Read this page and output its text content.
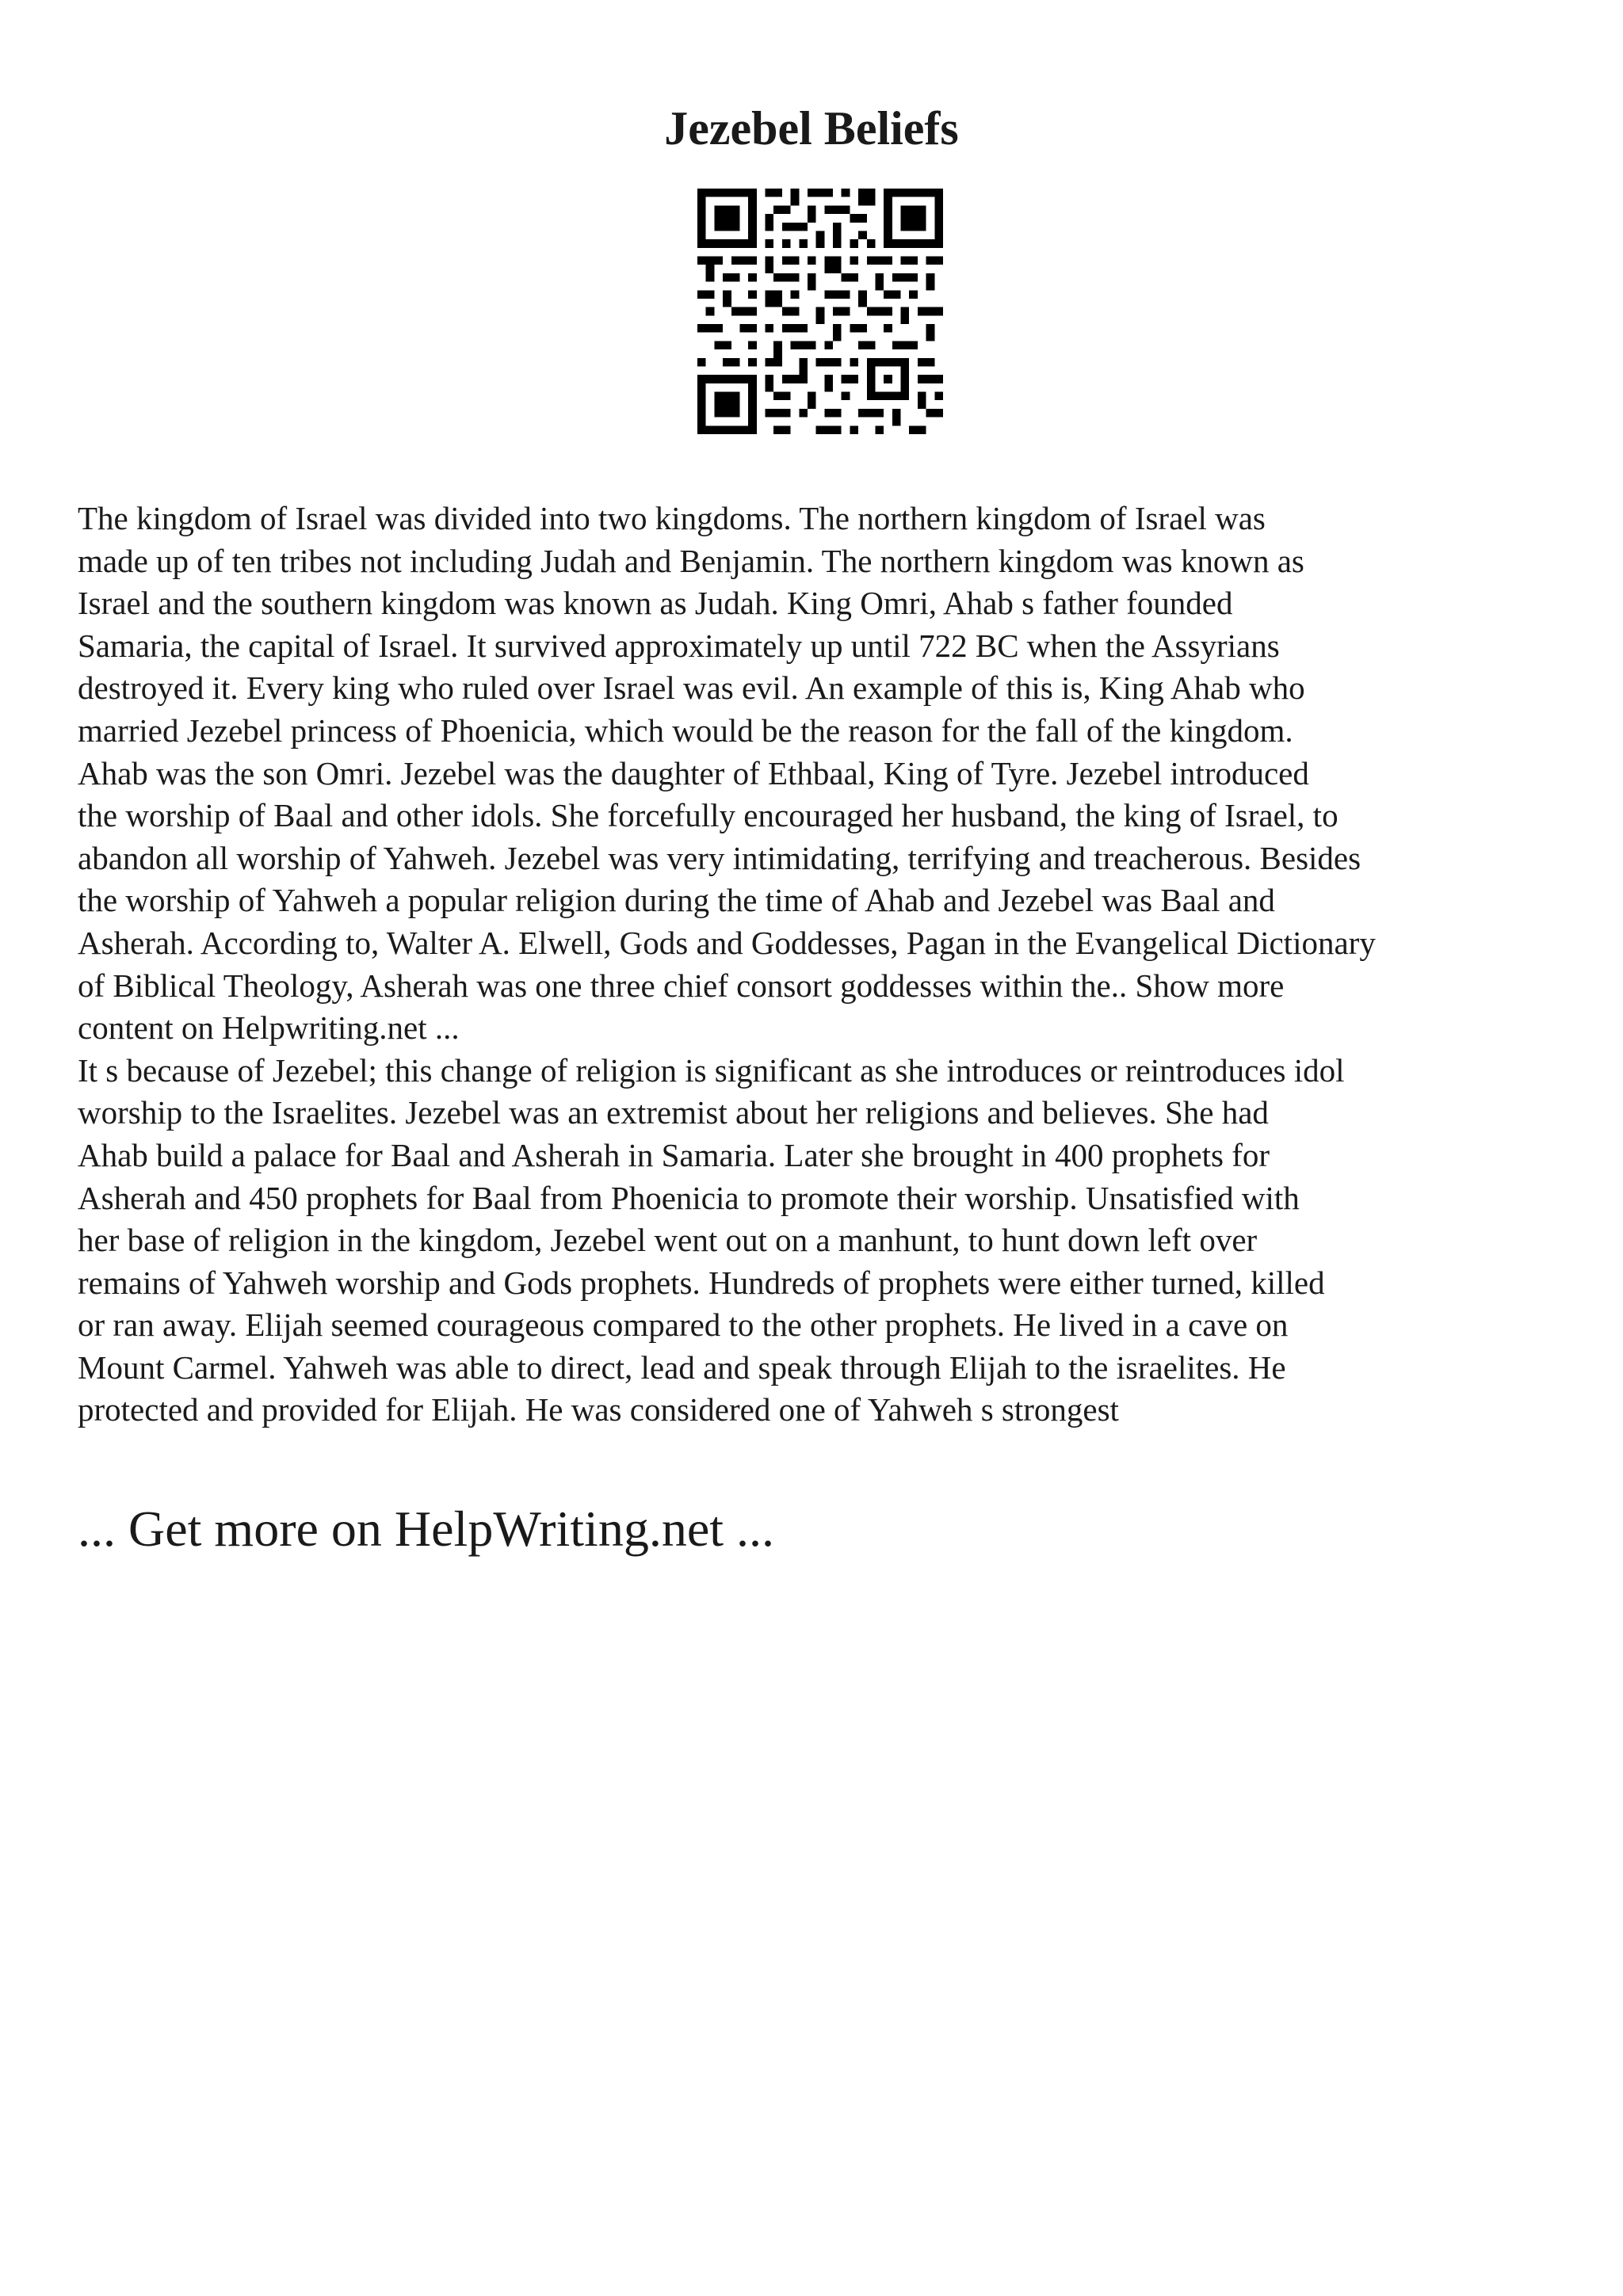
Jezebel Beliefs

The kingdom of Israel was divided into two kingdoms. The northern kingdom of Israel was
made up of ten tribes not including Judah and Benjamin. The northern kingdom was known as
Israel and the southern kingdom was known as Judah. King Omri, Ahab s father founded
Samaria, the capital of Israel. It survived approximately up until 722 BC when the Assyrians
destroyed it. Every king who ruled over Israel was evil. An example of this is, King Ahab who
married Jezebel princess of Phoenicia, which would be the reason for the fall of the kingdom.
Ahab was the son Omri. Jezebel was the daughter of Ethbaal, King of Tyre. Jezebel introduced
the worship of Baal and other idols. She forcefully encouraged her husband, the king of Israel, to
abandon all worship of Yahweh. Jezebel was very intimidating, terrifying and treacherous. Besides
the worship of Yahweh a popular religion during the time of Ahab and Jezebel was Baal and
Asherah. According to, Walter A. Elwell, Gods and Goddesses, Pagan in the Evangelical Dictionary
of Biblical Theology, Asherah was one three chief consort goddesses within the.. Show more
content on Helpwriting.net ...

It s because of Jezebel; this change of religion is significant as she introduces or reintroduces idol
worship to the Israelites. Jezebel was an extremist about her religions and believes. She had
Ahab build a palace for Baal and Asherah in Samaria. Later she brought in 400 prophets for
Asherah and 450 prophets for Baal from Phoenicia to promote their worship. Unsatisfied with
her base of religion in the kingdom, Jezebel went out on a manhunt, to hunt down left over
remains of Yahweh worship and Gods prophets. Hundreds of prophets were either turned, killed
or ran away. Elijah seemed courageous compared to the other prophets. He lived in a cave on
Mount Carmel. Yahweh was able to direct, lead and speak through Elijah to the israelites. He
protected and provided for Elijah. He was considered one of Yahweh s strongest

... Get more on HelpWriting.net ...
